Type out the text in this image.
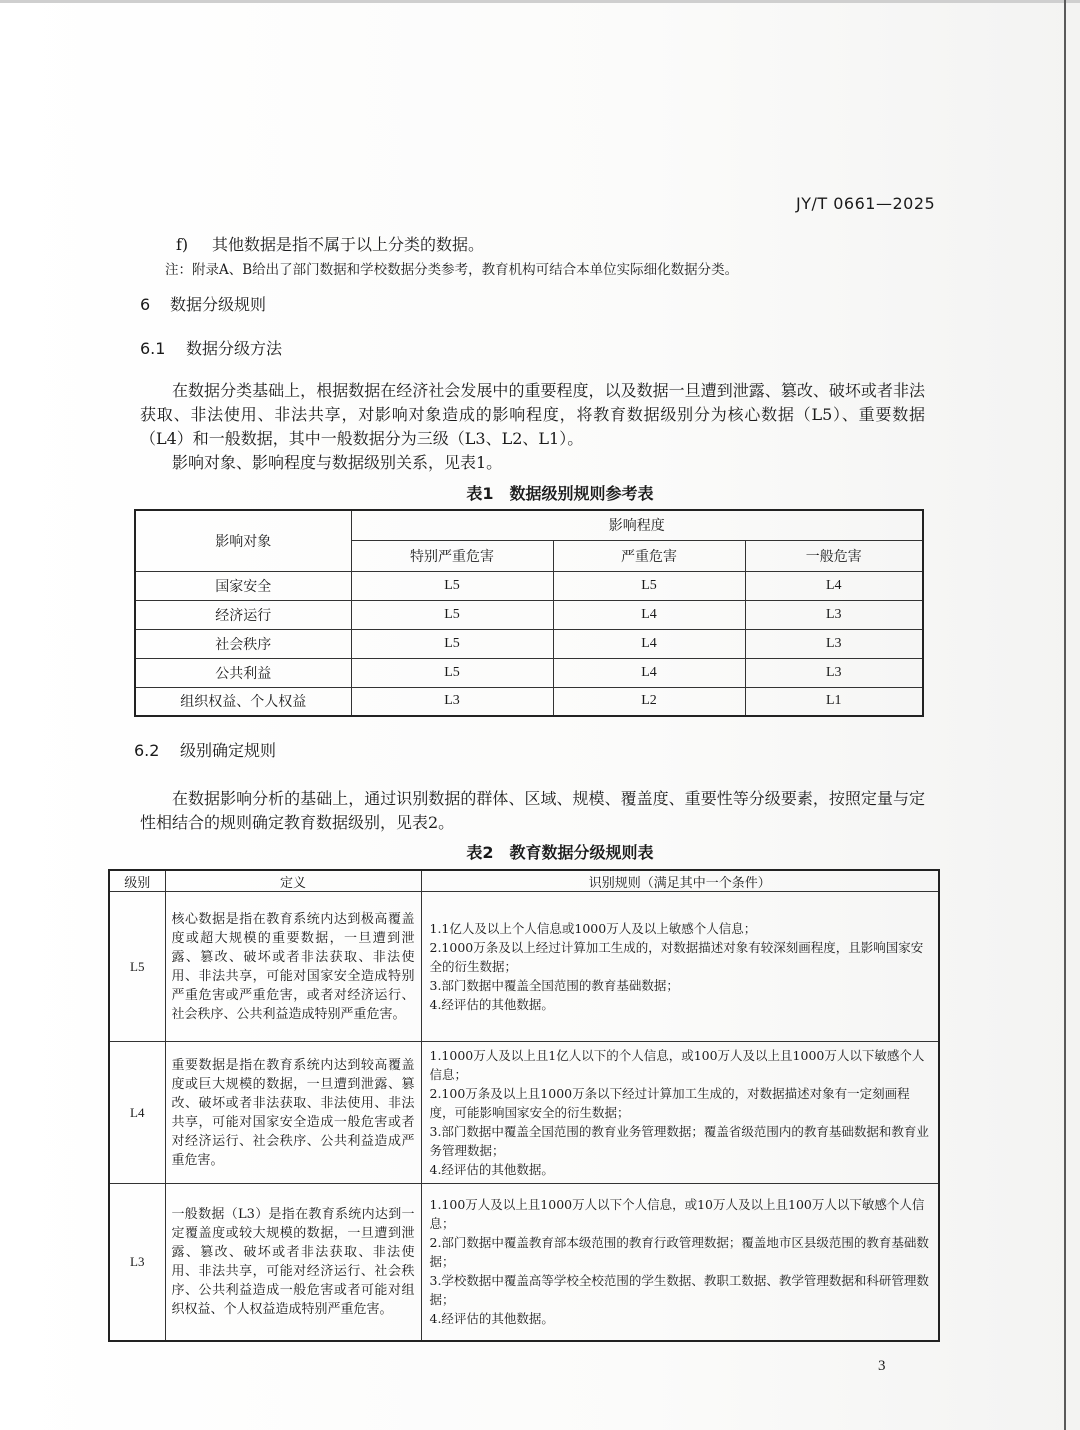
JY/T 0661—2025
f) 其他数据是指不属于以上分类的数据。
注：附录A、B给出了部门数据和学校数据分类参考，教育机构可结合本单位实际细化数据分类。
6 数据分级规则
6.1 数据分级方法

在数据分类基础上，根据数据在经济社会发展中的重要程度，以及数据一旦遭到泄露、篡改、破坏或者非法获取、非法使用、非法共享，对影响对象造成的影响程度，将教育数据级别分为核心数据（L5）、重要数据（L4）和一般数据，其中一般数据分为三级（L3、L2、L1）。

影响对象、影响程度与数据级别关系，见表1。

表1　数据级别规则参考表
影响对象	影响程度		
	特别严重危害	严重危害	一般危害
国家安全	L5	L5	L4
经济运行	L5	L4	L3
社会秩序	L5	L4	L3
公共利益	L5	L4	L3
组织权益、个人权益	L3	L2	L1
6.2 级别确定规则

在数据影响分析的基础上，通过识别数据的群体、区域、规模、覆盖度、重要性等分级要素，按照定量与定性相结合的规则确定教育数据级别，见表2。

表2　教育数据分级规则表
级别	定义	识别规则（满足其中一个条件）
L5	核心数据是指在教育系统内达到极高覆盖度或超大规模的重要数据，一旦遭到泄露、篡改、破坏或者非法获取、非法使用、非法共享，可能对国家安全造成特别严重危害或严重危害，或者对经济运行、社会秩序、公共利益造成特别严重危害。	1.1亿人及以上个人信息或1000万人及以上敏感个人信息；
2.1000万条及以上经过计算加工生成的，对数据描述对象有较深刻画程度，且影响国家安全的衍生数据；
3.部门数据中覆盖全国范围的教育基础数据；
4.经评估的其他数据。

L4	重要数据是指在教育系统内达到较高覆盖度或巨大规模的数据，一旦遭到泄露、篡改、破坏或者非法获取、非法使用、非法共享，可能对国家安全造成一般危害或者对经济运行、社会秩序、公共利益造成严重危害。	1.1000万人及以上且1亿人以下的个人信息，或100万人及以上且1000万人以下敏感个人信息；
2.100万条及以上且1000万条以下经过计算加工生成的，对数据描述对象有一定刻画程度，可能影响国家安全的衍生数据；
3.部门数据中覆盖全国范围的教育业务管理数据；覆盖省级范围内的教育基础数据和教育业务管理数据；
4.经评估的其他数据。

L3	一般数据（L3）是指在教育系统内达到一定覆盖度或较大规模的数据，一旦遭到泄露、篡改、破坏或者非法获取、非法使用、非法共享，可能对经济运行、社会秩序、公共利益造成一般危害或者可能对组织权益、个人权益造成特别严重危害。	1.100万人及以上且1000万人以下个人信息，或10万人及以上且100万人以下敏感个人信息；
2.部门数据中覆盖教育部本级范围的教育行政管理数据；覆盖地市区县级范围的教育基础数据；
3.学校数据中覆盖高等学校全校范围的学生数据、教职工数据、教学管理数据和科研管理数据；
4.经评估的其他数据。
3
